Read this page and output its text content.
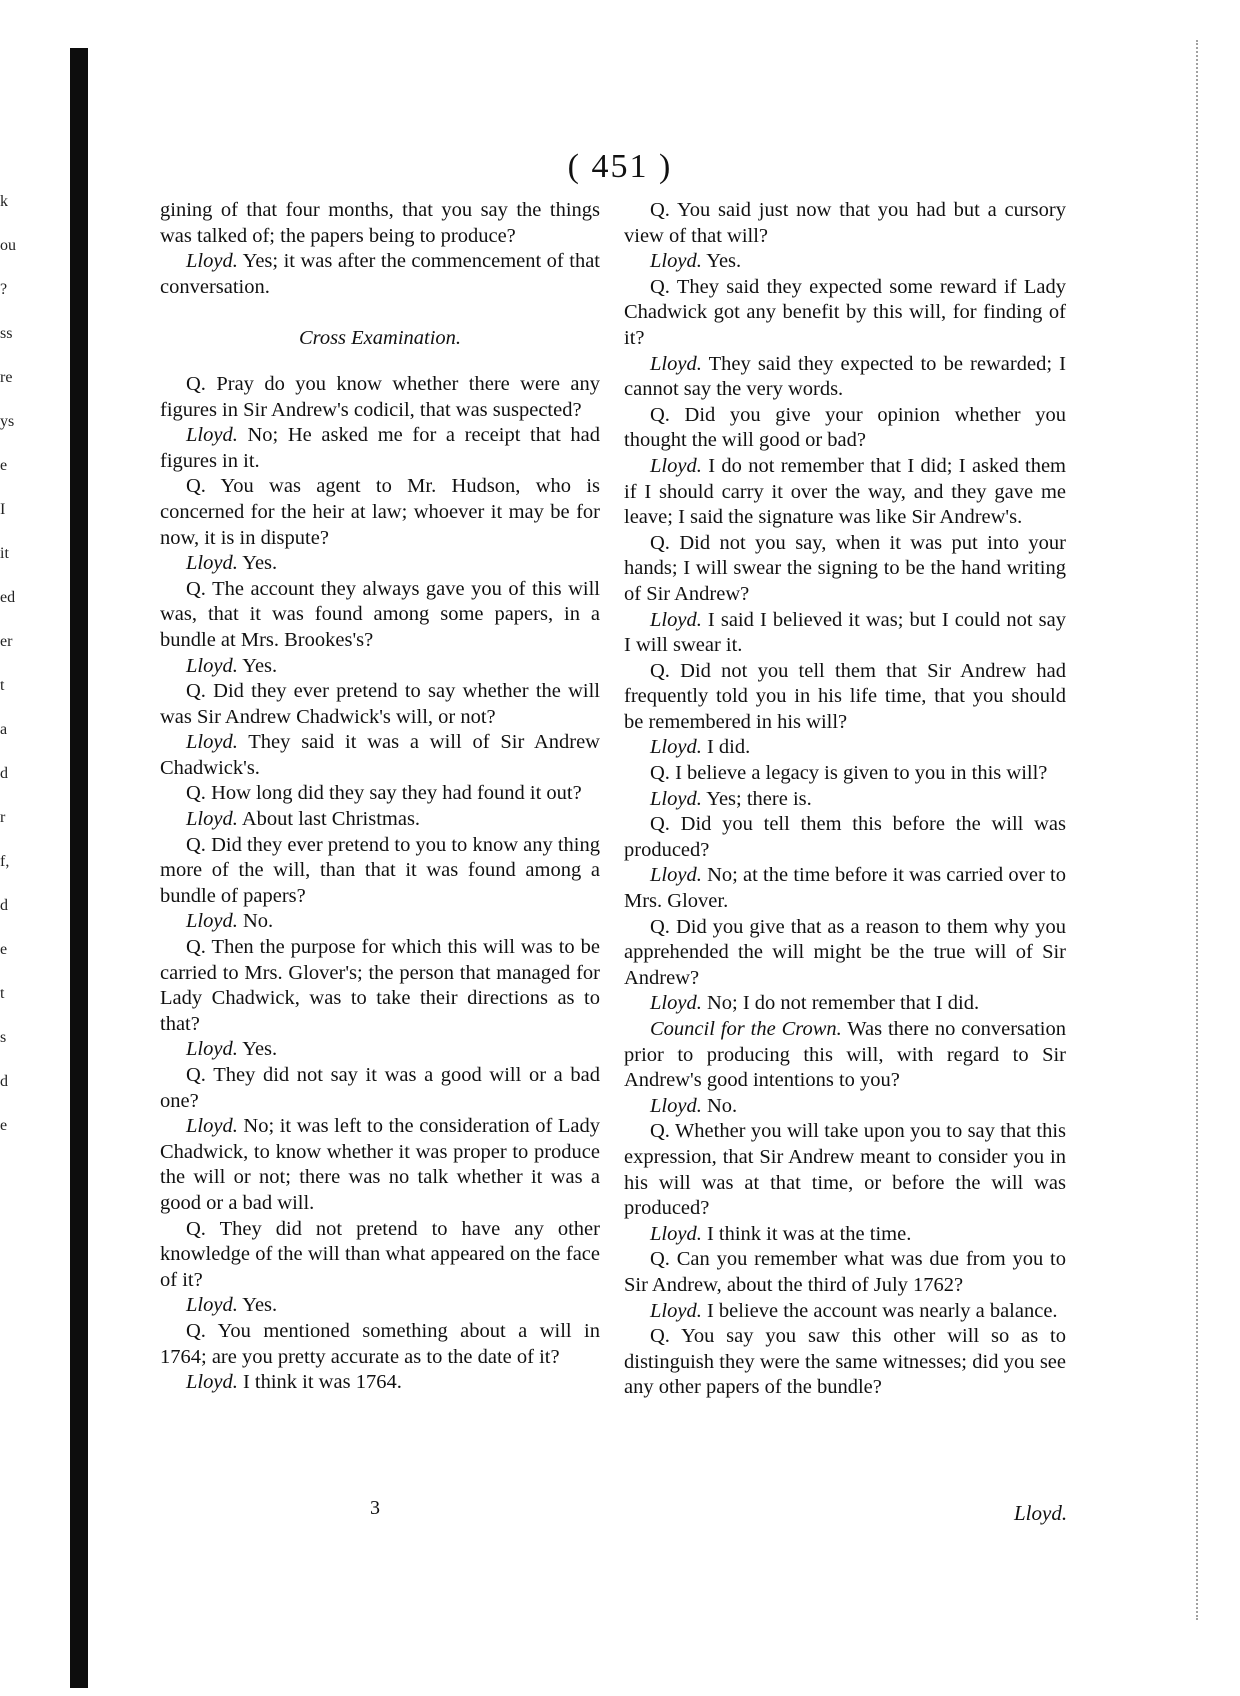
k
ou
?
ss
re
ys
e
I
it
ed
er
t
a
d
r
f,
d
e
t
s
d
e
( 451 )

gining of that four months, that you say the things was talked of; the papers being to produce?

Lloyd. Yes; it was after the commencement of that conversation.

Cross Examination.

Q. Pray do you know whether there were any figures in Sir Andrew's codicil, that was suspected?

Lloyd. No; He asked me for a receipt that had figures in it.

Q. You was agent to Mr. Hudson, who is concerned for the heir at law; whoever it may be for now, it is in dispute?

Lloyd. Yes.

Q. The account they always gave you of this will was, that it was found among some papers, in a bundle at Mrs. Brookes's?

Lloyd. Yes.

Q. Did they ever pretend to say whether the will was Sir Andrew Chadwick's will, or not?

Lloyd. They said it was a will of Sir Andrew Chadwick's.

Q. How long did they say they had found it out?

Lloyd. About last Christmas.

Q. Did they ever pretend to you to know any thing more of the will, than that it was found among a bundle of papers?

Lloyd. No.

Q. Then the purpose for which this will was to be carried to Mrs. Glover's; the person that managed for Lady Chadwick, was to take their directions as to that?

Lloyd. Yes.

Q. They did not say it was a good will or a bad one?

Lloyd. No; it was left to the consideration of Lady Chadwick, to know whether it was proper to produce the will or not; there was no talk whether it was a good or a bad will.

Q. They did not pretend to have any other knowledge of the will than what appeared on the face of it?

Lloyd. Yes.

Q. You mentioned something about a will in 1764; are you pretty accurate as to the date of it?

Lloyd. I think it was 1764.

Q. You said just now that you had but a cursory view of that will?

Lloyd. Yes.

Q. They said they expected some reward if Lady Chadwick got any benefit by this will, for finding of it?

Lloyd. They said they expected to be rewarded; I cannot say the very words.

Q. Did you give your opinion whether you thought the will good or bad?

Lloyd. I do not remember that I did; I asked them if I should carry it over the way, and they gave me leave; I said the signature was like Sir Andrew's.

Q. Did not you say, when it was put into your hands; I will swear the signing to be the hand writing of Sir Andrew?

Lloyd. I said I believed it was; but I could not say I will swear it.

Q. Did not you tell them that Sir Andrew had frequently told you in his life time, that you should be remembered in his will?

Lloyd. I did.

Q. I believe a legacy is given to you in this will?

Lloyd. Yes; there is.

Q. Did you tell them this before the will was produced?

Lloyd. No; at the time before it was carried over to Mrs. Glover.

Q. Did you give that as a reason to them why you apprehended the will might be the true will of Sir Andrew?

Lloyd. No; I do not remember that I did.

Council for the Crown. Was there no conversation prior to producing this will, with regard to Sir Andrew's good intentions to you?

Lloyd. No.

Q. Whether you will take upon you to say that this expression, that Sir Andrew meant to consider you in his will was at that time, or before the will was produced?

Lloyd. I think it was at the time.

Q. Can you remember what was due from you to Sir Andrew, about the third of July 1762?

Lloyd. I believe the account was nearly a balance.

Q. You say you saw this other will so as to distinguish they were the same witnesses; did you see any other papers of the bundle?

3	Lloyd.
